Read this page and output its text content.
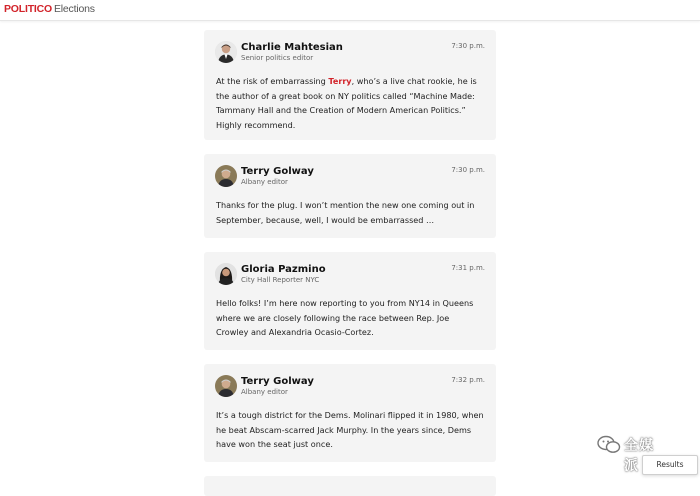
POLITICO Elections
Charlie Mahtesian
Senior politics editor
7:30 p.m.
At the risk of embarrassing Terry, who’s a live chat rookie, he is the author of a great book on NY politics called “Machine Made: Tammany Hall and the Creation of Modern American Politics.” Highly recommend.
Terry Golway
Albany editor
7:30 p.m.
Thanks for the plug. I won’t mention the new one coming out in September, because, well, I would be embarrassed …
Gloria Pazmino
City Hall Reporter NYC
7:31 p.m.
Hello folks! I’m here now reporting to you from NY14 in Queens where we are closely following the race between Rep. Joe Crowley and Alexandria Ocasio-Cortez.
Terry Golway
Albany editor
7:32 p.m.
It’s a tough district for the Dems. Molinari flipped it in 1980, when he beat Abscam-scarred Jack Murphy. In the years since, Dems have won the seat just once.	全媒派	Results
